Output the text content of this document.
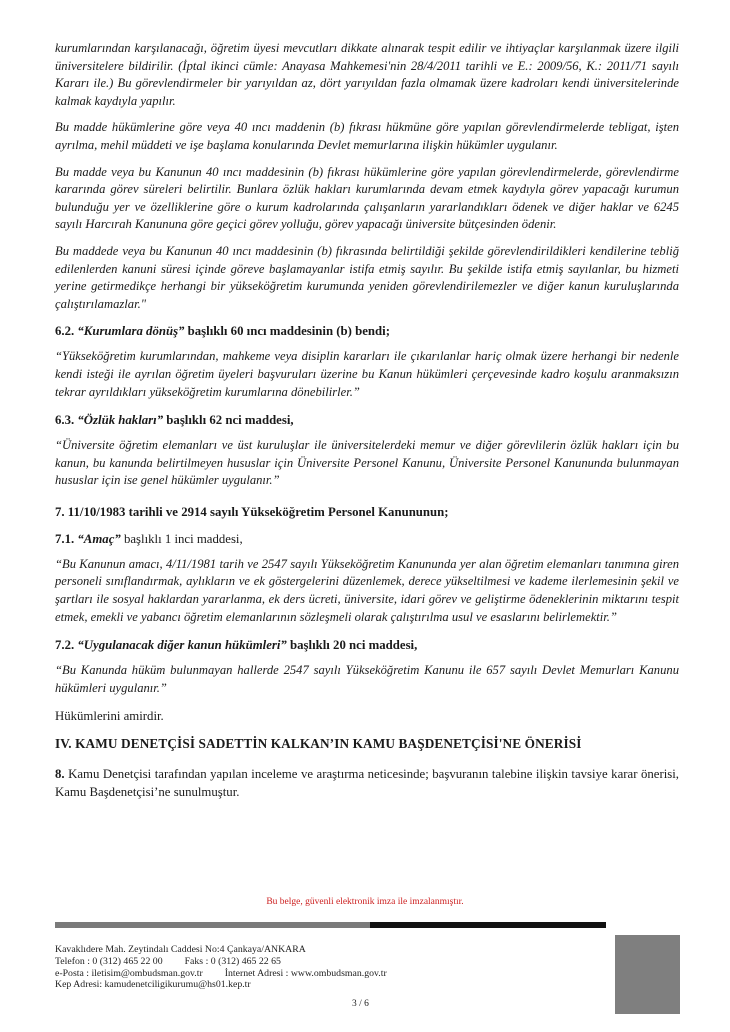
kurumlarından karşılanacağı, öğretim üyesi mevcutları dikkate alınarak tespit edilir ve ihtiyaçlar karşılanmak üzere ilgili üniversitelere bildirilir. (İptal ikinci cümle: Anayasa Mahkemesi'nin 28/4/2011 tarihli ve E.: 2009/56, K.: 2011/71 sayılı Kararı ile.) Bu görevlendirmeler bir yarıyıldan az, dört yarıyıldan fazla olmamak üzere kadroları kendi üniversitelerinde kalmak kaydıyla yapılır.

Bu madde hükümlerine göre veya 40 ıncı maddenin (b) fıkrası hükmüne göre yapılan görevlendirmelerde tebligat, işten ayrılma, mehil müddeti ve işe başlama konularında Devlet memurlarına ilişkin hükümler uygulanır.

Bu madde veya bu Kanunun 40 ıncı maddesinin (b) fıkrası hükümlerine göre yapılan görevlendirmelerde, görevlendirme kararında görev süreleri belirtilir. Bunlara özlük hakları kurumlarında devam etmek kaydıyla görev yapacağı kurumun bulunduğu yer ve özelliklerine göre o kurum kadrolarında çalışanların yararlandıkları ödenek ve diğer haklar ve 6245 sayılı Harcırah Kanununa göre geçici görev yolluğu, görev yapacağı üniversite bütçesinden ödenir.

Bu maddede veya bu Kanunun 40 ıncı maddesinin (b) fıkrasında belirtildiği şekilde görevlendirildikleri kendilerine tebliğ edilenlerden kanuni süresi içinde göreve başlamayanlar istifa etmiş sayılır. Bu şekilde istifa etmiş sayılanlar, bu hizmeti yerine getirmedikçe herhangi bir yükseköğretim kurumunda yeniden görevlendirilemezler ve diğer kanun kuruluşlarında çalıştırılamazlar."

6.2. “Kurumlara dönüş” başlıklı 60 ıncı maddesinin (b) bendi;

“Yükseköğretim kurumlarından, mahkeme veya disiplin kararları ile çıkarılanlar hariç olmak üzere herhangi bir nedenle kendi isteği ile ayrılan öğretim üyeleri başvuruları üzerine bu Kanun hükümleri çerçevesinde kadro koşulu aranmaksızın tekrar ayrıldıkları yükseköğretim kurumlarına dönebilirler.”

6.3. “Özlük hakları” başlıklı 62 nci maddesi,

“Üniversite öğretim elemanları ve üst kuruluşlar ile üniversitelerdeki memur ve diğer görevlilerin özlük hakları için bu kanun, bu kanunda belirtilmeyen hususlar için Üniversite Personel Kanunu, Üniversite Personel Kanununda bulunmayan hususlar için ise genel hükümler uygulanır.”

7. 11/10/1983 tarihli ve 2914 sayılı Yükseköğretim Personel Kanununun;
7.1. “Amaç” başlıklı 1 inci maddesi,

“Bu Kanunun amacı, 4/11/1981 tarih ve 2547 sayılı Yükseköğretim Kanununda yer alan öğretim elemanları tanımına giren personeli sınıflandırmak, aylıkların ve ek göstergelerini düzenlemek, derece yükseltilmesi ve kademe ilerlemesinin şekil ve şartları ile sosyal haklardan yararlanma, ek ders ücreti, üniversite, idari görev ve geliştirme ödeneklerinin miktarını tespit etmek, emekli ve yabancı öğretim elemanlarının sözleşmeli olarak çalıştırılma usul ve esaslarını belirlemektir.”

7.2. “Uygulanacak diğer kanun hükümleri” başlıklı 20 nci maddesi,

“Bu Kanunda hüküm bulunmayan hallerde 2547 sayılı Yükseköğretim Kanunu ile 657 sayılı Devlet Memurları Kanunu hükümleri uygulanır.”

Hükümlerini amirdir.

IV. KAMU DENETÇİSİ SADETTİN KALKAN’IN KAMU BAŞDENETÇİSİ'NE ÖNERİSİ

8. Kamu Denetçisi tarafından yapılan inceleme ve araştırma neticesinde; başvuranın talebine ilişkin tavsiye karar önerisi, Kamu Başdenetçisi’ne sunulmuştur.

Bu belge, güvenli elektronik imza ile imzalanmıştır.
Kavaklıdere Mah. Zeytindalı Caddesi No:4 Çankaya/ANKARA
Telefon : 0 (312) 465 22 00 Faks : 0 (312) 465 22 65
e-Posta : iletisim@ombudsman.gov.tr İnternet Adresi : www.ombudsman.gov.tr
Kep Adresi: kamudenetciligikurumu@hs01.kep.tr
3 / 6
